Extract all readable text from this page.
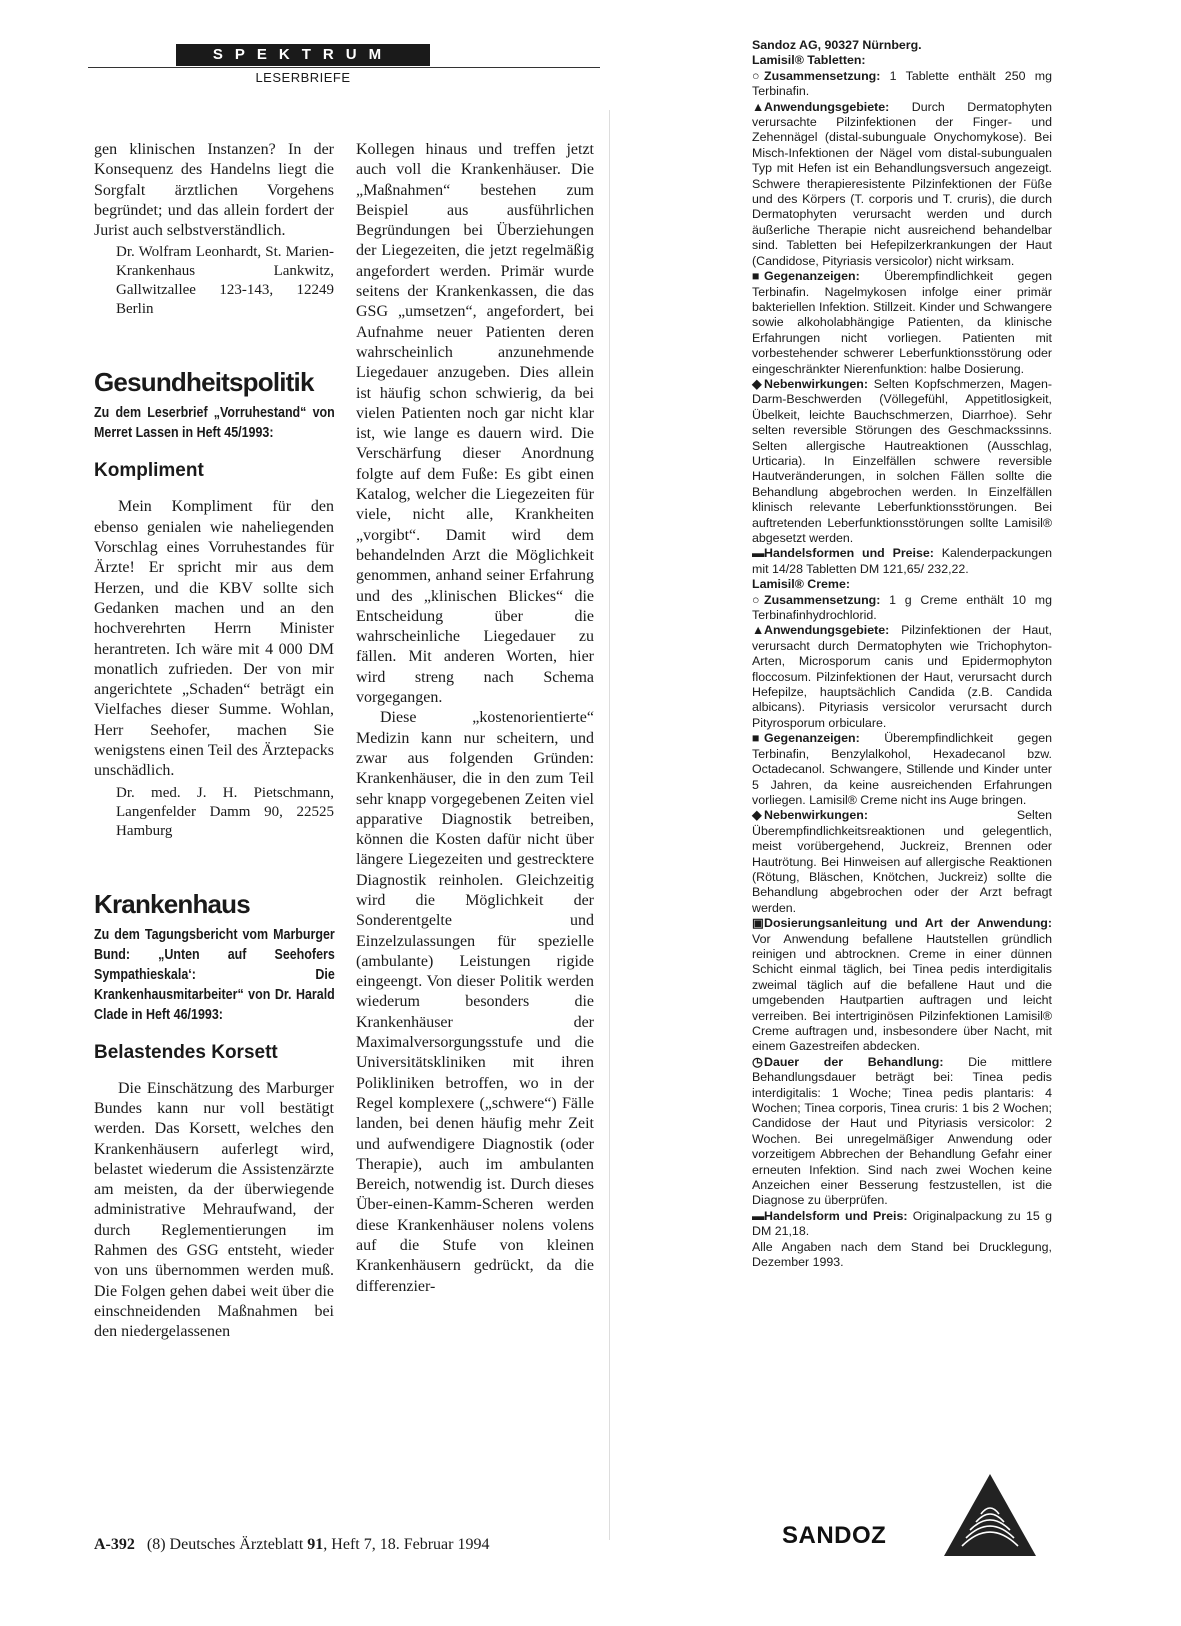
SPEKTRUM
LESERBRIEFE

gen klinischen Instanzen? In der Konsequenz des Handelns liegt die Sorgfalt ärztlichen Vorgehens begründet; und das allein fordert der Jurist auch selbstverständlich.

Dr. Wolfram Leonhardt, St. Marien-Krankenhaus Lankwitz, Gallwitzallee 123-143, 12249 Berlin

Gesundheitspolitik
Zu dem Leserbrief „Vorruhestand“ von Merret Lassen in Heft 45/1993:
Kompliment

Mein Kompliment für den ebenso genialen wie naheliegenden Vorschlag eines Vorruhestandes für Ärzte! Er spricht mir aus dem Herzen, und die KBV sollte sich Gedanken machen und an den hochverehrten Herrn Minister herantreten. Ich wäre mit 4 000 DM monatlich zufrieden. Der von mir angerichtete „Schaden“ beträgt ein Vielfaches dieser Summe. Wohlan, Herr Seehofer, machen Sie wenigstens einen Teil des Ärztepacks unschädlich.

Dr. med. J. H. Pietschmann, Langenfelder Damm 90, 22525 Hamburg

Krankenhaus
Zu dem Tagungsbericht vom Marburger Bund: „Unten auf Seehofers Sympathieskala‘: Die Krankenhausmitarbeiter“ von Dr. Harald Clade in Heft 46/1993:
Belastendes Korsett

Die Einschätzung des Marburger Bundes kann nur voll bestätigt werden. Das Korsett, welches den Krankenhäusern auferlegt wird, belastet wiederum die Assistenzärzte am meisten, da der überwiegende administrative Mehraufwand, der durch Reglementierungen im Rahmen des GSG entsteht, wieder von uns übernommen werden muß. Die Folgen gehen dabei weit über die einschneidenden Maßnahmen bei den niedergelassenen

Kollegen hinaus und treffen jetzt auch voll die Krankenhäuser. Die „Maßnahmen“ bestehen zum Beispiel aus ausführlichen Begründungen bei Überziehungen der Liegezeiten, die jetzt regelmäßig angefordert werden. Primär wurde seitens der Krankenkassen, die das GSG „umsetzen“, angefordert, bei Aufnahme neuer Patienten deren wahrscheinlich anzunehmende Liegedauer anzugeben. Dies allein ist häufig schon schwierig, da bei vielen Patienten noch gar nicht klar ist, wie lange es dauern wird. Die Verschärfung dieser Anordnung folgte auf dem Fuße: Es gibt einen Katalog, welcher die Liegezeiten für viele, nicht alle, Krankheiten „vorgibt“. Damit wird dem behandelnden Arzt die Möglichkeit genommen, anhand seiner Erfahrung und des „klinischen Blickes“ die Entscheidung über die wahrscheinliche Liegedauer zu fällen. Mit anderen Worten, hier wird streng nach Schema vorgegangen.

Diese „kostenorientierte“ Medizin kann nur scheitern, und zwar aus folgenden Gründen: Krankenhäuser, die in den zum Teil sehr knapp vorgegebenen Zeiten viel apparative Diagnostik betreiben, können die Kosten dafür nicht über längere Liegezeiten und gestrecktere Diagnostik reinholen. Gleichzeitig wird die Möglichkeit der Sonderentgelte und Einzelzulassungen für spezielle (ambulante) Leistungen rigide eingeengt. Von dieser Politik werden wiederum besonders die Krankenhäuser der Maximalversorgungsstufe und die Universitätskliniken mit ihren Polikliniken betroffen, wo in der Regel komplexere („schwere“) Fälle landen, bei denen häufig mehr Zeit und aufwendigere Diagnostik (oder Therapie), auch im ambulanten Bereich, notwendig ist. Durch dieses Über-einen-Kamm-Scheren werden diese Krankenhäuser nolens volens auf die Stufe von kleinen Krankenhäusern gedrückt, da die differenzier-

Sandoz AG, 90327 Nürnberg.
Lamisil® Tabletten:

○ Zusammensetzung: 1 Tablette enthält 250 mg Terbinafin.

▲Anwendungsgebiete: Durch Dermatophyten verursachte Pilzinfektionen der Finger- und Zehennägel (distal-subunguale Onychomykose). Bei Misch-Infektionen der Nägel vom distal-subungualen Typ mit Hefen ist ein Behandlungsversuch angezeigt. Schwere therapieresistente Pilzinfektionen der Füße und des Körpers (T. corporis und T. cruris), die durch Dermatophyten verursacht werden und durch äußerliche Therapie nicht ausreichend behandelbar sind. Tabletten bei Hefepilzerkrankungen der Haut (Candidose, Pityriasis versicolor) nicht wirksam.

■ Gegenanzeigen: Überempfindlichkeit gegen Terbinafin. Nagelmykosen infolge einer primär bakteriellen Infektion. Stillzeit. Kinder und Schwangere sowie alkoholabhängige Patienten, da klinische Erfahrungen nicht vorliegen. Patienten mit vorbestehender schwerer Leberfunktionsstörung oder eingeschränkter Nierenfunktion: halbe Dosierung.

◆ Nebenwirkungen: Selten Kopfschmerzen, Magen-Darm-Beschwerden (Völlegefühl, Appetitlosigkeit, Übelkeit, leichte Bauchschmerzen, Diarrhoe). Sehr selten reversible Störungen des Geschmackssinns. Selten allergische Hautreaktionen (Ausschlag, Urticaria). In Einzelfällen schwere reversible Hautveränderungen, in solchen Fällen sollte die Behandlung abgebrochen werden. In Einzelfällen klinisch relevante Leberfunktionsstörungen. Bei auftretenden Leberfunktionsstörungen sollte Lamisil® abgesetzt werden.

▬Handelsformen und Preise: Kalenderpackungen mit 14/28 Tabletten DM 121,65/ 232,22.

Lamisil® Creme:

○ Zusammensetzung: 1 g Creme enthält 10 mg Terbinafinhydrochlorid.

▲Anwendungsgebiete: Pilzinfektionen der Haut, verursacht durch Dermatophyten wie Trichophyton-Arten, Microsporum canis und Epidermophyton floccosum. Pilzinfektionen der Haut, verursacht durch Hefepilze, hauptsächlich Candida (z.B. Candida albicans). Pityriasis versicolor verursacht durch Pityrosporum orbiculare.

■ Gegenanzeigen: Überempfindlichkeit gegen Terbinafin, Benzylalkohol, Hexadecanol bzw. Octadecanol. Schwangere, Stillende und Kinder unter 5 Jahren, da keine ausreichenden Erfahrungen vorliegen. Lamisil® Creme nicht ins Auge bringen.

◆ Nebenwirkungen:	Selten Überempfindlichkeitsreaktionen und gelegentlich, meist vorübergehend, Juckreiz, Brennen oder Hautrötung. Bei Hinweisen auf allergische Reaktionen (Rötung, Bläschen, Knötchen, Juckreiz) sollte die Behandlung abgebrochen oder der Arzt befragt werden.

▣Dosierungsanleitung und Art der Anwendung: Vor Anwendung befallene Hautstellen gründlich reinigen und abtrocknen. Creme in einer dünnen Schicht einmal täglich, bei Tinea pedis interdigitalis zweimal täglich auf die befallene Haut und die umgebenden Hautpartien auftragen und leicht verreiben. Bei intertriginösen Pilzinfektionen Lamisil® Creme auftragen und, insbesondere über Nacht, mit einem Gazestreifen abdecken.

◷Dauer der Behandlung: Die mittlere Behandlungsdauer beträgt bei: Tinea pedis interdigitalis: 1 Woche; Tinea pedis plantaris: 4 Wochen; Tinea corporis, Tinea cruris: 1 bis 2 Wochen; Candidose der Haut und Pityriasis versicolor: 2 Wochen. Bei unregelmäßiger Anwendung oder vorzeitigem Abbrechen der Behandlung Gefahr einer erneuten Infektion. Sind nach zwei Wochen keine Anzeichen einer Besserung festzustellen, ist die Diagnose zu überprüfen.

▬Handelsform und Preis: Originalpackung zu 15 g DM 21,18.

Alle Angaben nach dem Stand bei Drucklegung, Dezember 1993.

SANDOZ
A-392 (8) Deutsches Ärzteblatt 91, Heft 7, 18. Februar 1994
